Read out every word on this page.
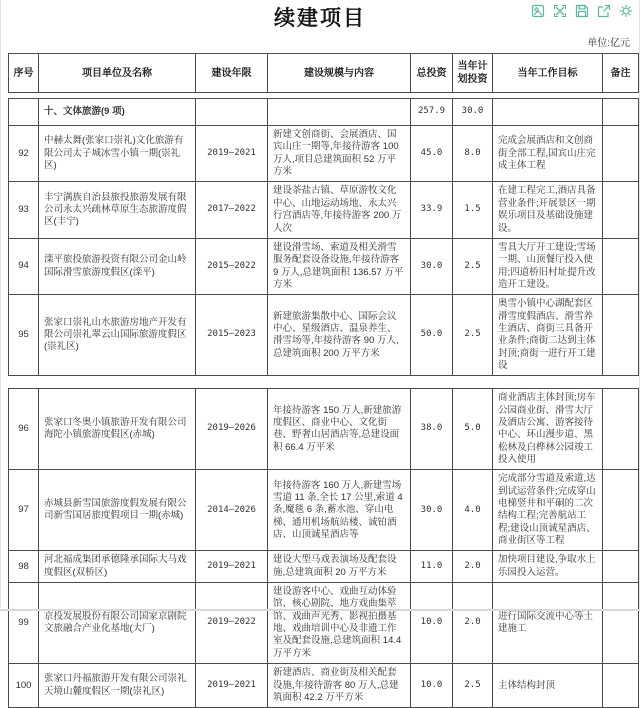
续建项目
单位:亿元
序号	项目单位及名称	建设年限	建设规模与内容	总投资	当年计划投资	当年工作目标	备注
	十、文体旅游(9 项)			257.9	30.0		
92	中赫太舞(张家口崇礼)文化旅游有限公司太子城冰雪小镇一期(崇礼区)	2019—2021	新建文创商街、会展酒店、国宾山庄一期等,年接待游客 100 万人,项目总建筑面积 52 万平方米	45.0	8.0	完成会展酒店和文创商街全部工程,国宾山庄完成主体工程	
93	丰宁满族自治县旅投旅游发展有限公司永太兴疏林草原生态旅游度假区(丰宁)	2017—2022	建设茶盐古镇、草原游牧文化中心、山地运动场地、永太兴行宫酒店等,年接待游客 200 万人次	33.9	1.5	在建工程完工,酒店具备营业条件;开展景区一期娱乐项目及基础设施建设。	
94	滦平旅投旅游投资有限公司金山岭国际滑雪旅游度假区(滦平)	2015—2022	建设滑雪场、索道及相关滑雪服务配套设备设施,年接待游客 9 万人,总建筑面积 136.57 万平方米	30.0	2.5	雪具大厅开工建设;雪场一期、山顶餐厅投入使用;四道桥旧村址提升改造开工建设。	
95	张家口崇礼山水旅游房地产开发有限公司崇礼翠云山国际旅游度假区(崇礼区)	2015—2023	新建旅游集散中心、国际会议中心、星级酒店、温泉养生、滑雪场等,年接待游客 90 万人,总建筑面积 200 万平方米	50.0	2.5	奥雪小镇中心湖配套区滑雪度假酒店、滑雪养生酒店、商街三具备开业条件;商街二达到主体封顶;商街一进行开工建设	
96	张家口冬奥小镇旅游开发有限公司海陀小镇旅游度假区(赤城)	2019—2026	年接待游客 150 万人,新建旅游度假区、商业中心、文化街巷、野奢山居酒店等,总建设面积 66.4 万平米	38.0	5.0	商业酒店主体封顶;房车公园商业街、滑雪大厅及酒店公寓、游客接待中心、环山漫步道、黑松林及白桦林公园竣工投入使用	
97	赤城县新雪国旅游度假发展有限公司新雪国居旅度假项目一期(赤城)	2014—2026	年接待游客 160 万人,新建雪场雪道 11 条,全长 17 公里,索道 4 条,魔毯 6 条,蓄水池、穿山电梯、通用机场航站楼、诚铂酒店、山顶诚星酒店等	30.0	4.0	完成部分雪道及索道,达到试运营条件;完成穿山电梯竖井和平硐的二次结构工程;完善航站工程;建设山顶诚星酒店、商业街区等工程	
98	河北福成集团承德隆承国际大马戏度假区(双桥区)	2019—2021	建设大型马戏表演场及配套设施,总建筑面积 20 万平方米	11.0	2.0	加快项目建设,争取水上乐园投入运营。	
99	京投发展股份有限公司国家京剧院文旅融合产业化基地(大厂)	2019—2022	建设游客中心、戏曲互动体验馆、核心剧院、地方戏曲集萃馆、戏曲声光秀、影视拍摄基地、戏曲培训中心及非遗工作室及配套设施,总建筑面积 14.4 万平方米	10.0	2.0	进行国际交流中心等土建施工	
100	张家口丹福旅游开发有限公司崇礼天境山麓度假区一期(崇礼区)	2019—2021	新建酒店、商业街及相关配套设施,年接待游客 80 万人,总建筑面积 42.2 万平方米	10.0	2.5	主体结构封顶	
